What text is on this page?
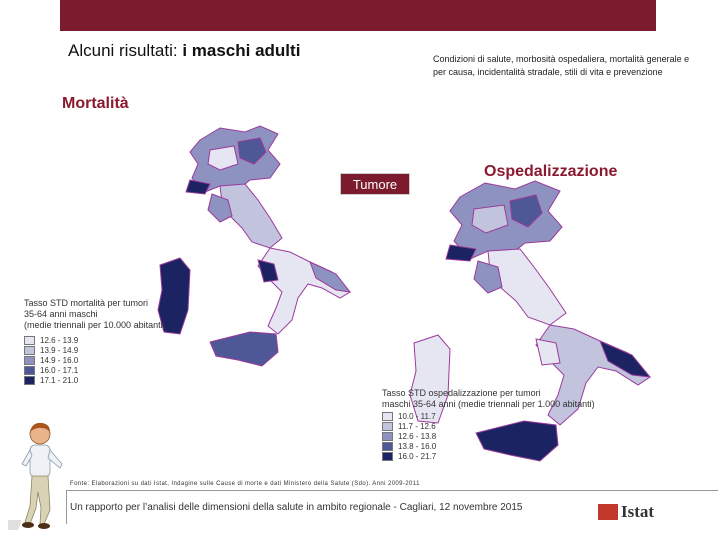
Alcuni risultati: i maschi adulti	Condizioni di salute, morbosità ospedaliera, mortalità generale e per causa, incidentalità stradale, stili di vita e prevenzione
Mortalità
Tumore
Ospedalizzazione
Tasso STD mortalità per tumori
35-64 anni maschi
(medie triennali per 10.000 abitanti)
12.6 - 13.9
13.9 - 14.9
14.9 - 16.0
16.0 - 17.1
17.1 - 21.0
Tasso STD ospedalizzazione per tumori
maschi 35-64 anni (medie triennali per 1.000 abitanti)
10.0 - 11.7
11.7 - 12.6
12.6 - 13.8
13.8 - 16.0
16.0 - 21.7
Fonte: Elaborazioni su dati Istat, Indagine sulle Cause di morte e dati Ministero della Salute (Sdo). Anni 2009-2011
Un rapporto per l’analisi delle dimensioni della salute in ambito regionale - Cagliari, 12 novembre 2015	Istat
